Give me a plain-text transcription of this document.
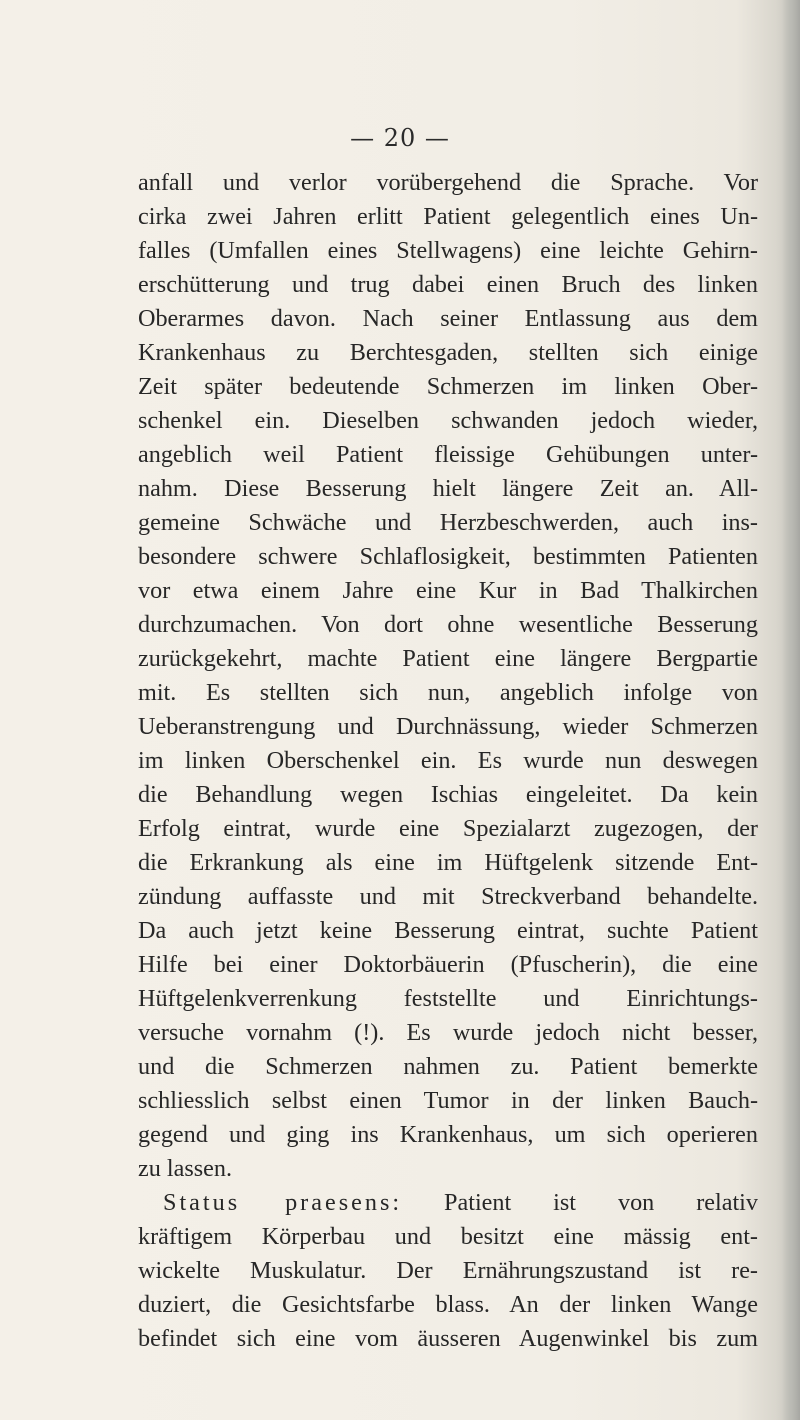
— 20 —
anfall und verlor vorübergehend die Sprache. Vor
cirka zwei Jahren erlitt Patient gelegentlich eines Un-
falles (Umfallen eines Stellwagens) eine leichte Gehirn-
erschütterung und trug dabei einen Bruch des linken
Oberarmes davon. Nach seiner Entlassung aus dem
Krankenhaus zu Berchtesgaden, stellten sich einige
Zeit später bedeutende Schmerzen im linken Ober-
schenkel ein. Dieselben schwanden jedoch wieder,
angeblich weil Patient fleissige Gehübungen unter-
nahm. Diese Besserung hielt längere Zeit an. All-
gemeine Schwäche und Herzbeschwerden, auch ins-
besondere schwere Schlaflosigkeit, bestimmten Patienten
vor etwa einem Jahre eine Kur in Bad Thalkirchen
durchzumachen. Von dort ohne wesentliche Besserung
zurückgekehrt, machte Patient eine längere Bergpartie
mit. Es stellten sich nun, angeblich infolge von
Ueberanstrengung und Durchnässung, wieder Schmerzen
im linken Oberschenkel ein. Es wurde nun deswegen
die Behandlung wegen Ischias eingeleitet. Da kein
Erfolg eintrat, wurde eine Spezialarzt zugezogen, der
die Erkrankung als eine im Hüftgelenk sitzende Ent-
zündung auffasste und mit Streckverband behandelte.
Da auch jetzt keine Besserung eintrat, suchte Patient
Hilfe bei einer Doktorbäuerin (Pfuscherin), die eine
Hüftgelenkverrenkung feststellte und Einrichtungs-
versuche vornahm (!). Es wurde jedoch nicht besser,
und die Schmerzen nahmen zu. Patient bemerkte
schliesslich selbst einen Tumor in der linken Bauch-
gegend und ging ins Krankenhaus, um sich operieren
zu lassen.
Status praesens: Patient ist von relativ
kräftigem Körperbau und besitzt eine mässig ent-
wickelte Muskulatur. Der Ernährungszustand ist re-
duziert, die Gesichtsfarbe blass. An der linken Wange
befindet sich eine vom äusseren Augenwinkel bis zum
